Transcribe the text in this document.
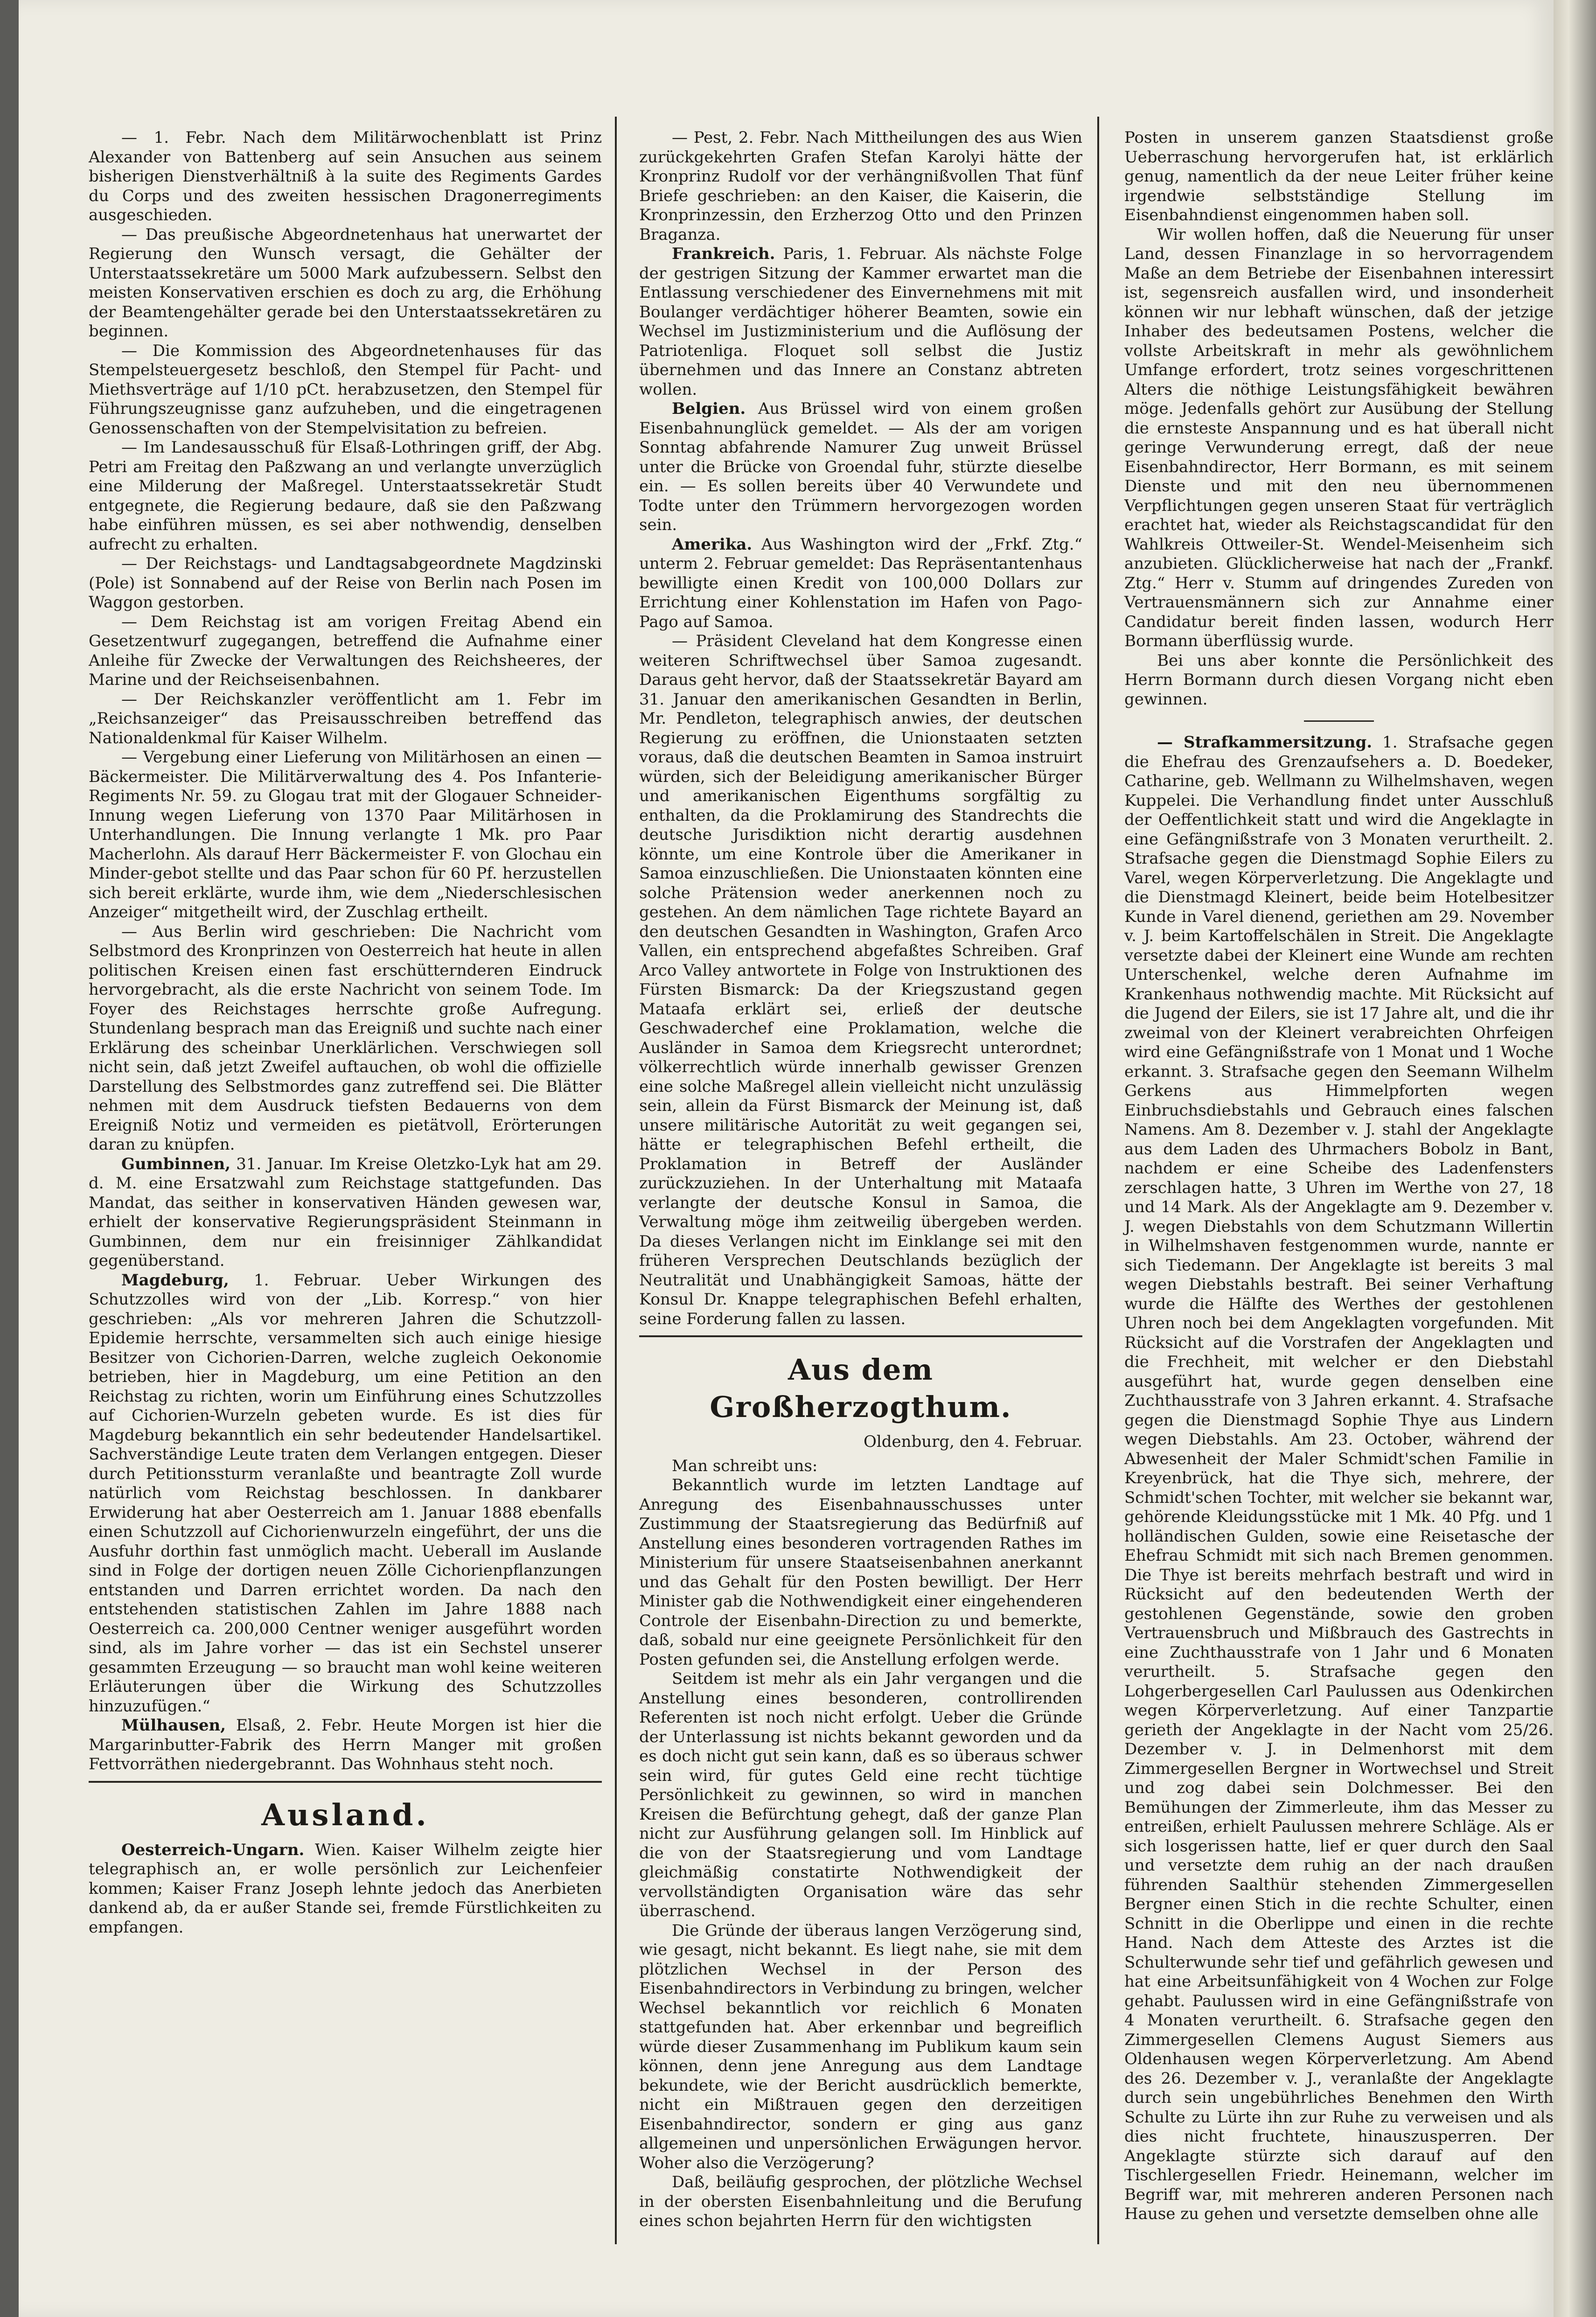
— 1. Febr. Nach dem Militärwochenblatt ist Prinz Alexander von Battenberg auf sein Ansuchen aus seinem bisherigen Dienstverhältniß à la suite des Regiments Gardes du Corps und des zweiten hessischen Dragonerregiments ausgeschieden.

— Das preußische Abgeordnetenhaus hat unerwartet der Regierung den Wunsch versagt, die Gehälter der Unterstaatssekretäre um 5000 Mark aufzubessern. Selbst den meisten Konservativen erschien es doch zu arg, die Erhöhung der Beamtengehälter gerade bei den Unterstaatssekretären zu beginnen.

— Die Kommission des Abgeordnetenhauses für das Stempelsteuergesetz beschloß, den Stempel für Pacht- und Miethsverträge auf 1/10 pCt. herabzusetzen, den Stempel für Führungszeugnisse ganz aufzuheben, und die eingetragenen Genossenschaften von der Stempelvisitation zu befreien.

— Im Landesausschuß für Elsaß-Lothringen griff, der Abg. Petri am Freitag den Paßzwang an und verlangte unverzüglich eine Milderung der Maßregel. Unterstaatssekretär Studt entgegnete, die Regierung bedaure, daß sie den Paßzwang habe einführen müssen, es sei aber nothwendig, denselben aufrecht zu erhalten.

— Der Reichstags- und Landtagsabgeordnete Magdzinski (Pole) ist Sonnabend auf der Reise von Berlin nach Posen im Waggon gestorben.

— Dem Reichstag ist am vorigen Freitag Abend ein Gesetzentwurf zugegangen, betreffend die Aufnahme einer Anleihe für Zwecke der Verwaltungen des Reichsheeres, der Marine und der Reichseisenbahnen.

— Der Reichskanzler veröffentlicht am 1. Febr im „Reichsanzeiger“ das Preisausschreiben betreffend das Nationaldenkmal für Kaiser Wilhelm.

— Vergebung einer Lieferung von Militärhosen an einen — Bäckermeister. Die Militärverwaltung des 4. Pos Infanterie-Regiments Nr. 59. zu Glogau trat mit der Glogauer Schneider-Innung wegen Lieferung von 1370 Paar Militärhosen in Unterhandlungen. Die Innung verlangte 1 Mk. pro Paar Macherlohn. Als darauf Herr Bäckermeister F. von Glochau ein Minder-gebot stellte und das Paar schon für 60 Pf. herzustellen sich bereit erklärte, wurde ihm, wie dem „Niederschlesischen Anzeiger“ mitgetheilt wird, der Zuschlag ertheilt.

— Aus Berlin wird geschrieben: Die Nachricht vom Selbstmord des Kronprinzen von Oesterreich hat heute in allen politischen Kreisen einen fast erschütternderen Eindruck hervorgebracht, als die erste Nachricht von seinem Tode. Im Foyer des Reichstages herrschte große Aufregung. Stundenlang besprach man das Ereigniß und suchte nach einer Erklärung des scheinbar Unerklärlichen. Verschwiegen soll nicht sein, daß jetzt Zweifel auftauchen, ob wohl die offizielle Darstellung des Selbstmordes ganz zutreffend sei. Die Blätter nehmen mit dem Ausdruck tiefsten Bedauerns von dem Ereigniß Notiz und vermeiden es pietätvoll, Erörterungen daran zu knüpfen.

Gumbinnen, 31. Januar. Im Kreise Oletzko-Lyk hat am 29. d. M. eine Ersatzwahl zum Reichstage stattgefunden. Das Mandat, das seither in konservativen Händen gewesen war, erhielt der konservative Regierungspräsident Steinmann in Gumbinnen, dem nur ein freisinniger Zählkandidat gegenüberstand.

Magdeburg, 1. Februar. Ueber Wirkungen des Schutzzolles wird von der „Lib. Korresp.“ von hier geschrieben: „Als vor mehreren Jahren die Schutzzoll-Epidemie herrschte, versammelten sich auch einige hiesige Besitzer von Cichorien-Darren, welche zugleich Oekonomie betrieben, hier in Magdeburg, um eine Petition an den Reichstag zu richten, worin um Einführung eines Schutzzolles auf Cichorien-Wurzeln gebeten wurde. Es ist dies für Magdeburg bekanntlich ein sehr bedeutender Handelsartikel. Sachverständige Leute traten dem Verlangen entgegen. Dieser durch Petitionssturm veranlaßte und beantragte Zoll wurde natürlich vom Reichstag beschlossen. In dankbarer Erwiderung hat aber Oesterreich am 1. Januar 1888 ebenfalls einen Schutzzoll auf Cichorienwurzeln eingeführt, der uns die Ausfuhr dorthin fast unmöglich macht. Ueberall im Auslande sind in Folge der dortigen neuen Zölle Cichorienpflanzungen entstanden und Darren errichtet worden. Da nach den entstehenden statistischen Zahlen im Jahre 1888 nach Oesterreich ca. 200,000 Centner weniger ausgeführt worden sind, als im Jahre vorher — das ist ein Sechstel unserer gesammten Erzeugung — so braucht man wohl keine weiteren Erläuterungen über die Wirkung des Schutzzolles hinzuzufügen.“

Mülhausen, Elsaß, 2. Febr. Heute Morgen ist hier die Margarinbutter-Fabrik des Herrn Manger mit großen Fettvorräthen niedergebrannt. Das Wohnhaus steht noch.

Ausland.

Oesterreich-Ungarn. Wien. Kaiser Wilhelm zeigte hier telegraphisch an, er wolle persönlich zur Leichenfeier kommen; Kaiser Franz Joseph lehnte jedoch das Anerbieten dankend ab, da er außer Stande sei, fremde Fürstlichkeiten zu empfangen.

— Pest, 2. Febr. Nach Mittheilungen des aus Wien zurückgekehrten Grafen Stefan Karolyi hätte der Kronprinz Rudolf vor der verhängnißvollen That fünf Briefe geschrieben: an den Kaiser, die Kaiserin, die Kronprinzessin, den Erzherzog Otto und den Prinzen Braganza.

Frankreich. Paris, 1. Februar. Als nächste Folge der gestrigen Sitzung der Kammer erwartet man die Entlassung verschiedener des Einvernehmens mit mit Boulanger verdächtiger höherer Beamten, sowie ein Wechsel im Justizministerium und die Auflösung der Patriotenliga. Floquet soll selbst die Justiz übernehmen und das Innere an Constanz abtreten wollen.

Belgien. Aus Brüssel wird von einem großen Eisenbahnunglück gemeldet. — Als der am vorigen Sonntag abfahrende Namurer Zug unweit Brüssel unter die Brücke von Groendal fuhr, stürzte dieselbe ein. — Es sollen bereits über 40 Verwundete und Todte unter den Trümmern hervorgezogen worden sein.

Amerika. Aus Washington wird der „Frkf. Ztg.“ unterm 2. Februar gemeldet: Das Repräsentantenhaus bewilligte einen Kredit von 100,000 Dollars zur Errichtung einer Kohlenstation im Hafen von Pago-Pago auf Samoa.

— Präsident Cleveland hat dem Kongresse einen weiteren Schriftwechsel über Samoa zugesandt. Daraus geht hervor, daß der Staatssekretär Bayard am 31. Januar den amerikanischen Gesandten in Berlin, Mr. Pendleton, telegraphisch anwies, der deutschen Regierung zu eröffnen, die Unionstaaten setzten voraus, daß die deutschen Beamten in Samoa instruirt würden, sich der Beleidigung amerikanischer Bürger und amerikanischen Eigenthums sorgfältig zu enthalten, da die Proklamirung des Standrechts die deutsche Jurisdiktion nicht derartig ausdehnen könnte, um eine Kontrole über die Amerikaner in Samoa einzuschließen. Die Unionstaaten könnten eine solche Prätension weder anerkennen noch zu gestehen. An dem nämlichen Tage richtete Bayard an den deutschen Gesandten in Washington, Grafen Arco Vallen, ein entsprechend abgefaßtes Schreiben. Graf Arco Valley antwortete in Folge von Instruktionen des Fürsten Bismarck: Da der Kriegszustand gegen Mataafa erklärt sei, erließ der deutsche Geschwaderchef eine Proklamation, welche die Ausländer in Samoa dem Kriegsrecht unterordnet; völkerrechtlich würde innerhalb gewisser Grenzen eine solche Maßregel allein vielleicht nicht unzulässig sein, allein da Fürst Bismarck der Meinung ist, daß unsere militärische Autorität zu weit gegangen sei, hätte er telegraphischen Befehl ertheilt, die Proklamation in Betreff der Ausländer zurückzuziehen. In der Unterhaltung mit Mataafa verlangte der deutsche Konsul in Samoa, die Verwaltung möge ihm zeitweilig übergeben werden. Da dieses Verlangen nicht im Einklange sei mit den früheren Versprechen Deutschlands bezüglich der Neutralität und Unabhängigkeit Samoas, hätte der Konsul Dr. Knappe telegraphischen Befehl erhalten, seine Forderung fallen zu lassen.

Aus dem Großherzogthum.
Oldenburg, den 4. Februar.

Man schreibt uns:

Bekanntlich wurde im letzten Landtage auf Anregung des Eisenbahnausschusses unter Zustimmung der Staatsregierung das Bedürfniß auf Anstellung eines besonderen vortragenden Rathes im Ministerium für unsere Staatseisenbahnen anerkannt und das Gehalt für den Posten bewilligt. Der Herr Minister gab die Nothwendigkeit einer eingehenderen Controle der Eisenbahn-Direction zu und bemerkte, daß, sobald nur eine geeignete Persönlichkeit für den Posten gefunden sei, die Anstellung erfolgen werde.

Seitdem ist mehr als ein Jahr vergangen und die Anstellung eines besonderen, controllirenden Referenten ist noch nicht erfolgt. Ueber die Gründe der Unterlassung ist nichts bekannt geworden und da es doch nicht gut sein kann, daß es so überaus schwer sein wird, für gutes Geld eine recht tüchtige Persönlichkeit zu gewinnen, so wird in manchen Kreisen die Befürchtung gehegt, daß der ganze Plan nicht zur Ausführung gelangen soll. Im Hinblick auf die von der Staatsregierung und vom Landtage gleichmäßig constatirte Nothwendigkeit der vervollständigten Organisation wäre das sehr überraschend.

Die Gründe der überaus langen Verzögerung sind, wie gesagt, nicht bekannt. Es liegt nahe, sie mit dem plötzlichen Wechsel in der Person des Eisenbahndirectors in Verbindung zu bringen, welcher Wechsel bekanntlich vor reichlich 6 Monaten stattgefunden hat. Aber erkennbar und begreiflich würde dieser Zusammenhang im Publikum kaum sein können, denn jene Anregung aus dem Landtage bekundete, wie der Bericht ausdrücklich bemerkte, nicht ein Mißtrauen gegen den derzeitigen Eisenbahndirector, sondern er ging aus ganz allgemeinen und unpersönlichen Erwägungen hervor. Woher also die Verzögerung?

Daß, beiläufig gesprochen, der plötzliche Wechsel in der obersten Eisenbahnleitung und die Berufung eines schon bejahrten Herrn für den wichtigsten

Posten in unserem ganzen Staatsdienst große Ueberraschung hervorgerufen hat, ist erklärlich genug, namentlich da der neue Leiter früher keine irgendwie selbstständige Stellung im Eisenbahndienst eingenommen haben soll.

Wir wollen hoffen, daß die Neuerung für unser Land, dessen Finanzlage in so hervorragendem Maße an dem Betriebe der Eisenbahnen interessirt ist, segensreich ausfallen wird, und insonderheit können wir nur lebhaft wünschen, daß der jetzige Inhaber des bedeutsamen Postens, welcher die vollste Arbeitskraft in mehr als gewöhnlichem Umfange erfordert, trotz seines vorgeschrittenen Alters die nöthige Leistungsfähigkeit bewähren möge. Jedenfalls gehört zur Ausübung der Stellung die ernsteste Anspannung und es hat überall nicht geringe Verwunderung erregt, daß der neue Eisenbahndirector, Herr Bormann, es mit seinem Dienste und mit den neu übernommenen Verpflichtungen gegen unseren Staat für verträglich erachtet hat, wieder als Reichstagscandidat für den Wahlkreis Ottweiler-St. Wendel-Meisenheim sich anzubieten. Glücklicherweise hat nach der „Frankf. Ztg.“ Herr v. Stumm auf dringendes Zureden von Vertrauensmännern sich zur Annahme einer Candidatur bereit finden lassen, wodurch Herr Bormann überflüssig wurde.

Bei uns aber konnte die Persönlichkeit des Herrn Bormann durch diesen Vorgang nicht eben gewinnen.

— Strafkammersitzung. 1. Strafsache gegen die Ehefrau des Grenzaufsehers a. D. Boedeker, Catharine, geb. Wellmann zu Wilhelmshaven, wegen Kuppelei. Die Verhandlung findet unter Ausschluß der Oeffentlichkeit statt und wird die Angeklagte in eine Gefängnißstrafe von 3 Monaten verurtheilt. 2. Strafsache gegen die Dienstmagd Sophie Eilers zu Varel, wegen Körperverletzung. Die Angeklagte und die Dienstmagd Kleinert, beide beim Hotelbesitzer Kunde in Varel dienend, geriethen am 29. November v. J. beim Kartoffelschälen in Streit. Die Angeklagte versetzte dabei der Kleinert eine Wunde am rechten Unterschenkel, welche deren Aufnahme im Krankenhaus nothwendig machte. Mit Rücksicht auf die Jugend der Eilers, sie ist 17 Jahre alt, und die ihr zweimal von der Kleinert verabreichten Ohrfeigen wird eine Gefängnißstrafe von 1 Monat und 1 Woche erkannt. 3. Strafsache gegen den Seemann Wilhelm Gerkens aus Himmelpforten wegen Einbruchsdiebstahls und Gebrauch eines falschen Namens. Am 8. Dezember v. J. stahl der Angeklagte aus dem Laden des Uhrmachers Bobolz in Bant, nachdem er eine Scheibe des Ladenfensters zerschlagen hatte, 3 Uhren im Werthe von 27, 18 und 14 Mark. Als der Angeklagte am 9. Dezember v. J. wegen Diebstahls von dem Schutzmann Willertin in Wilhelmshaven festgenommen wurde, nannte er sich Tiedemann. Der Angeklagte ist bereits 3 mal wegen Diebstahls bestraft. Bei seiner Verhaftung wurde die Hälfte des Werthes der gestohlenen Uhren noch bei dem Angeklagten vorgefunden. Mit Rücksicht auf die Vorstrafen der Angeklagten und die Frechheit, mit welcher er den Diebstahl ausgeführt hat, wurde gegen denselben eine Zuchthausstrafe von 3 Jahren erkannt. 4. Strafsache gegen die Dienstmagd Sophie Thye aus Lindern wegen Diebstahls. Am 23. October, während der Abwesenheit der Maler Schmidt'schen Familie in Kreyenbrück, hat die Thye sich, mehrere, der Schmidt'schen Tochter, mit welcher sie bekannt war, gehörende Kleidungsstücke mit 1 Mk. 40 Pfg. und 1 holländischen Gulden, sowie eine Reisetasche der Ehefrau Schmidt mit sich nach Bremen genommen. Die Thye ist bereits mehrfach bestraft und wird in Rücksicht auf den bedeutenden Werth der gestohlenen Gegenstände, sowie den groben Vertrauensbruch und Mißbrauch des Gastrechts in eine Zuchthausstrafe von 1 Jahr und 6 Monaten verurtheilt. 5. Strafsache gegen den Lohgerbergesellen Carl Paulussen aus Odenkirchen wegen Körperverletzung. Auf einer Tanzpartie gerieth der Angeklagte in der Nacht vom 25/26. Dezember v. J. in Delmenhorst mit dem Zimmergesellen Bergner in Wortwechsel und Streit und zog dabei sein Dolchmesser. Bei den Bemühungen der Zimmerleute, ihm das Messer zu entreißen, erhielt Paulussen mehrere Schläge. Als er sich losgerissen hatte, lief er quer durch den Saal und versetzte dem ruhig an der nach draußen führenden Saalthür stehenden Zimmergesellen Bergner einen Stich in die rechte Schulter, einen Schnitt in die Oberlippe und einen in die rechte Hand. Nach dem Atteste des Arztes ist die Schulterwunde sehr tief und gefährlich gewesen und hat eine Arbeitsunfähigkeit von 4 Wochen zur Folge gehabt. Paulussen wird in eine Gefängnißstrafe von 4 Monaten verurtheilt. 6. Strafsache gegen den Zimmergesellen Clemens August Siemers aus Oldenhausen wegen Körperverletzung. Am Abend des 26. Dezember v. J., veranlaßte der Angeklagte durch sein ungebührliches Benehmen den Wirth Schulte zu Lürte ihn zur Ruhe zu verweisen und als dies nicht fruchtete, hinauszusperren. Der Angeklagte stürzte sich darauf auf den Tischlergesellen Friedr. Heinemann, welcher im Begriff war, mit mehreren anderen Personen nach Hause zu gehen und versetzte demselben ohne alle
